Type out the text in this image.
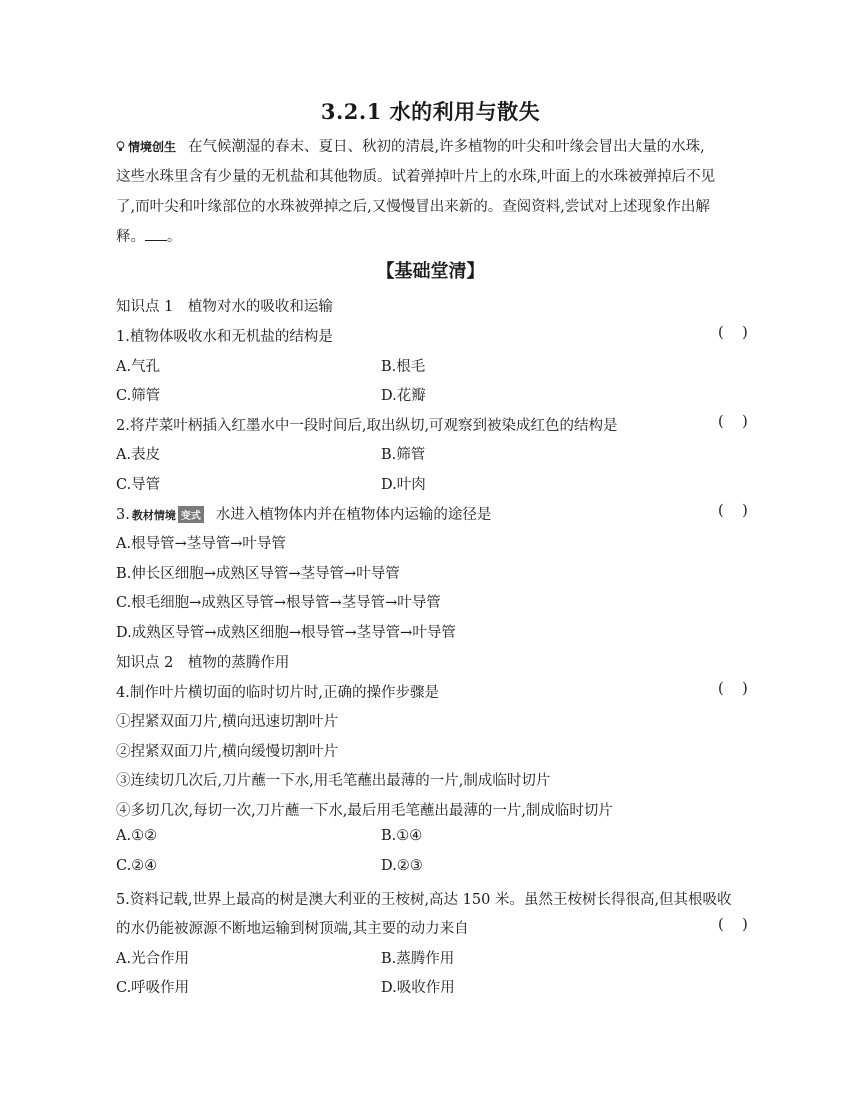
3.2.1 水的利用与散失
情境创生 在气候潮湿的春末、夏日、秋初的清晨,许多植物的叶尖和叶缘会冒出大量的水珠,
这些水珠里含有少量的无机盐和其他物质。试着弹掉叶片上的水珠,叶面上的水珠被弹掉后不见
了,而叶尖和叶缘部位的水珠被弹掉之后,又慢慢冒出来新的。查阅资料,尝试对上述现象作出解
释。 。
【基础堂清】
知识点 1　植物对水的吸收和运输
1.植物体吸收水和无机盐的结构是	(    )
A.气孔	B.根毛
C.筛管	D.花瓣
2.将芹菜叶柄插入红墨水中一段时间后,取出纵切,可观察到被染成红色的结构是	(    )
A.表皮	B.筛管
C.导管	D.叶肉
3. 教材情境 变式 水进入植物体内并在植物体内运输的途径是	(    )
A.根导管→茎导管→叶导管
B.伸长区细胞→成熟区导管→茎导管→叶导管
C.根毛细胞→成熟区导管→根导管→茎导管→叶导管
D.成熟区导管→成熟区细胞→根导管→茎导管→叶导管
知识点 2　植物的蒸腾作用
4.制作叶片横切面的临时切片时,正确的操作步骤是	(    )
①捏紧双面刀片,横向迅速切割叶片
②捏紧双面刀片,横向缓慢切割叶片
③连续切几次后,刀片蘸一下水,用毛笔蘸出最薄的一片,制成临时切片
④多切几次,每切一次,刀片蘸一下水,最后用毛笔蘸出最薄的一片,制成临时切片
A.①②	B.①④
C.②④	D.②③
5.资料记载,世界上最高的树是澳大利亚的王桉树,高达 150 米。虽然王桉树长得很高,但其根吸收
的水仍能被源源不断地运输到树顶端,其主要的动力来自	(    )
A.光合作用	B.蒸腾作用
C.呼吸作用	D.吸收作用
